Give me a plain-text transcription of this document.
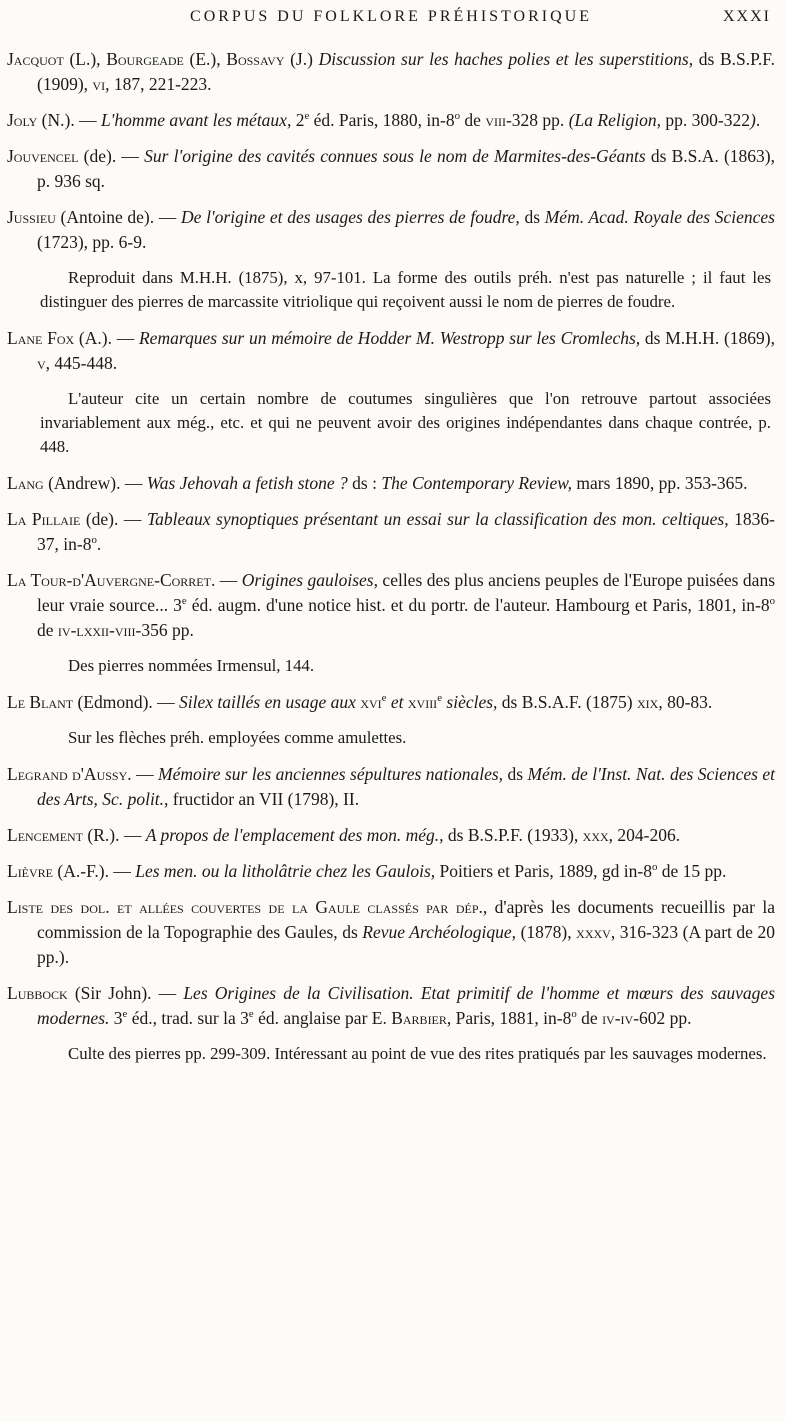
CORPUS DU FOLKLORE PRÉHISTORIQUE	XXXI

Jacquot (L.), Bourgeade (E.), Bossavy (J.) Discussion sur les haches polies et les superstitions, ds B.S.P.F. (1909), vi, 187, 221-223.

Joly (N.). — L'homme avant les métaux, 2e éd. Paris, 1880, in-8$^o$ de viii-328 pp. (La Religion, pp. 300-322).

Jouvencel (de). — Sur l'origine des cavités connues sous le nom de Marmites-des-Géants ds B.S.A. (1863), p. 936 sq.

Jussieu (Antoine de). — De l'origine et des usages des pierres de foudre, ds Mém. Acad. Royale des Sciences (1723), pp. 6-9.

Reproduit dans M.H.H. (1875), x, 97-101. La forme des outils préh. n'est pas naturelle ; il faut les distinguer des pierres de marcassite vitriolique qui reçoivent aussi le nom de pierres de foudre.

Lane Fox (A.). — Remarques sur un mémoire de Hodder M. Westropp sur les Cromlechs, ds M.H.H. (1869), v, 445-448.

L'auteur cite un certain nombre de coutumes singulières que l'on retrouve partout associées invariablement aux még., etc. et qui ne peuvent avoir des origines indépendantes dans chaque contrée, p. 448.

Lang (Andrew). — Was Jehovah a fetish stone ? ds : The Contemporary Review, mars 1890, pp. 353-365.

La Pillaie (de). — Tableaux synoptiques présentant un essai sur la classification des mon. celtiques, 1836-37, in-8$^o$.

La Tour-d'Auvergne-Corret. — Origines gauloises, celles des plus anciens peuples de l'Europe puisées dans leur vraie source... 3e éd. augm. d'une notice hist. et du portr. de l'auteur. Hambourg et Paris, 1801, in-8$^o$ de iv-lxxii-viii-356 pp.

Des pierres nommées Irmensul, 144.

Le Blant (Edmond). — Silex taillés en usage aux xvi$^e$ et xviii$^e$ siècles, ds B.S.A.F. (1875) xix, 80-83.

Sur les flèches préh. employées comme amulettes.

Legrand d'Aussy. — Mémoire sur les anciennes sépultures nationales, ds Mém. de l'Inst. Nat. des Sciences et des Arts, Sc. polit., fructidor an VII (1798), II.

Lencement (R.). — A propos de l'emplacement des mon. még., ds B.S.P.F. (1933), xxx, 204-206.

Lièvre (A.-F.). — Les men. ou la litholâtrie chez les Gaulois, Poitiers et Paris, 1889, gd in-8$^o$ de 15 pp.

Liste des dol. et allées couvertes de la Gaule classés par dép., d'après les documents recueillis par la commission de la Topographie des Gaules, ds Revue Archéologique, (1878), xxxv, 316-323 (A part de 20 pp.).

Lubbock (Sir John). — Les Origines de la Civilisation. Etat primitif de l'homme et mœurs des sauvages modernes. 3e éd., trad. sur la 3e éd. anglaise par E. Barbier, Paris, 1881, in-8$^o$ de iv-iv-602 pp.

Culte des pierres pp. 299-309. Intéressant au point de vue des rites pratiqués par les sauvages modernes.
